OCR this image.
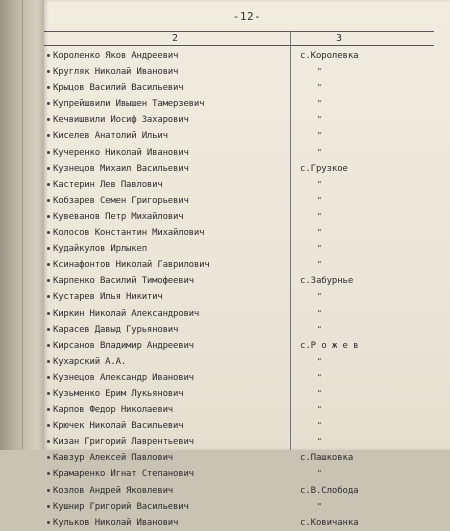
-12-
2	3
Короленко Яков Андреевич	с.Королевка
Кругляк Николай Иванович	"
Крыцов Василий Васильевич	"
Купрейшвили Ивышен Тамерзевич	"
Кечвишвили Иосиф Захарович	"
Киселев Анатолий Ильич	"
Кучеренко Николай Иванович	"
Кузнецов Михаил Васильевич	с.Грузкое
Кастерин Лев Павлович	"
Кобзарев Семен Григорьевич	"
Кувеванов Петр Михайлович	"
Колосов Константин Михайлович	"
Кудайкулов Ирлыкеп	"
Ксинафонтов Николай Гаврилович	"
Карпенко Василий Тимофеевич	с.Забурнье
Кустарев Илья Никитич	"
Киркин Николай Александрович	"
Карасев Давыд Гурьянович	"
Кирсанов Владимир Андреевич	с.Р о ж е в
Кухарский А.А.	"
Кузнецов Александр Иванович	"
Кузьменко Ерим Лукьянович	"
Карпов Федор Николаевич	"
Крючек Николай Васильевич	"
Кизан Григорий Лаврентьевич	"
Кавзур Алексей Павлович	с.Пашковка
Крамаренко Игнат Степанович	"
Козлов Андрей Яковлевич	с.В.Слобода
Кушнир Григорий Васильевич	"
Кульков Николай Иванович	с.Ковичанка
